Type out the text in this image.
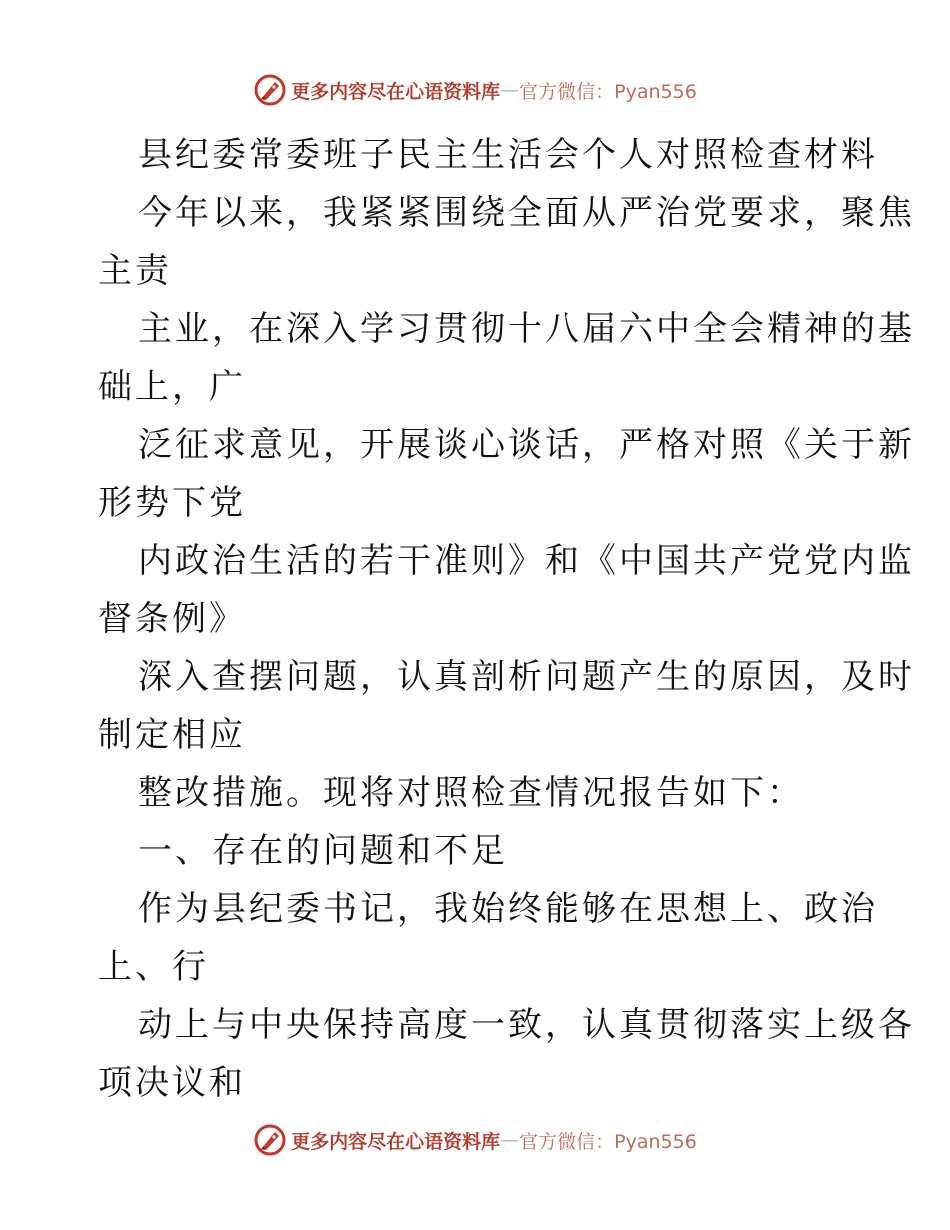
更多内容尽在心语资料库 — 官方微信：Pyan556
县纪委常委班子民主生活会个人对照检查材料
今年以来，我紧紧围绕全面从严治党要求，聚焦
主责
主业，在深入学习贯彻十八届六中全会精神的基
础上，广
泛征求意见，开展谈心谈话，严格对照《关于新
形势下党
内政治生活的若干准则》和《中国共产党党内监
督条例》
深入查摆问题，认真剖析问题产生的原因，及时
制定相应
整改措施。现将对照检查情况报告如下：
一、存在的问题和不足
作为县纪委书记，我始终能够在思想上、政治
上、行
动上与中央保持高度一致，认真贯彻落实上级各
项决议和
更多内容尽在心语资料库 — 官方微信：Pyan556
